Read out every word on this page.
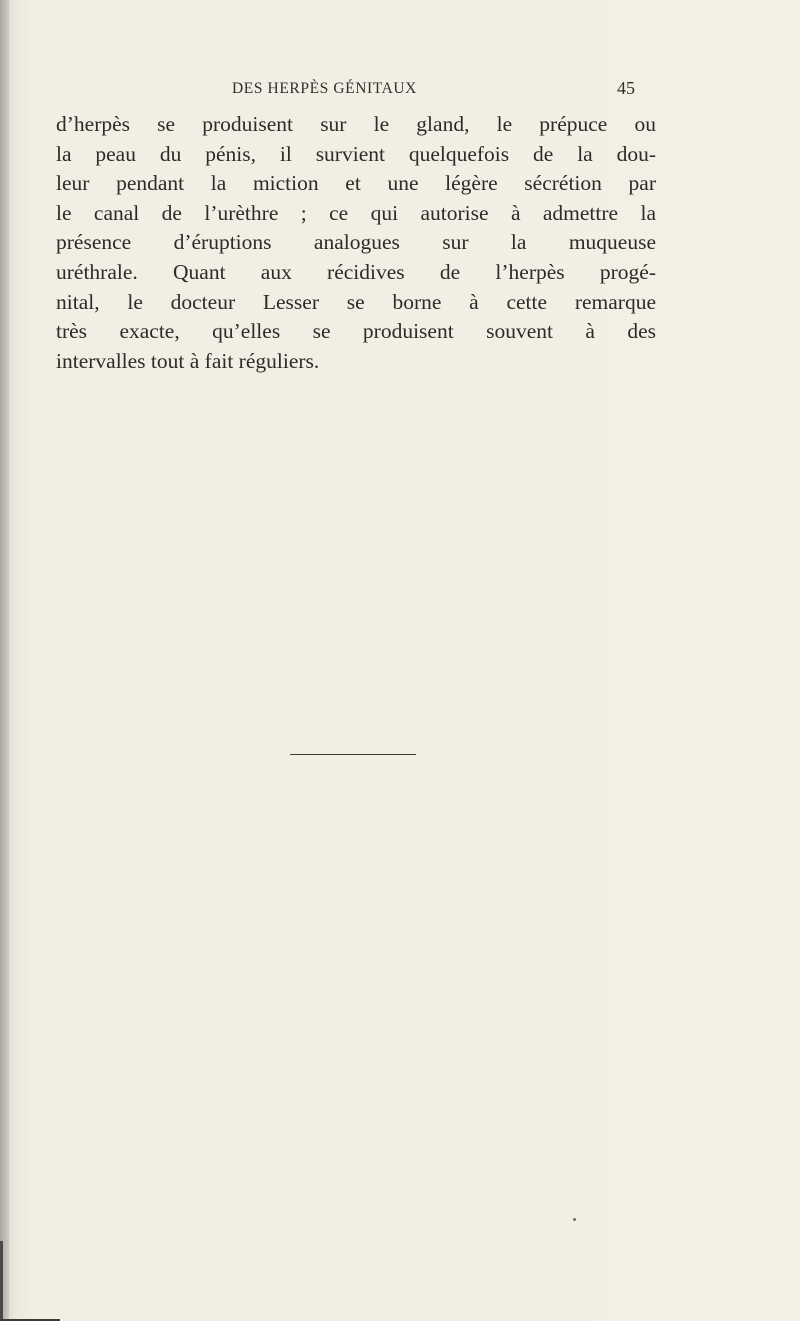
DES HERPÈS GÉNITAUX	45
d’herpès se produisent sur le gland, le prépuce ou
la peau du pénis, il survient quelquefois de la dou-
leur pendant la miction et une légère sécrétion par
le canal de l’urèthre ; ce qui autorise à admettre la
présence d’éruptions analogues sur la muqueuse
uréthrale. Quant aux récidives de l’herpès progé-
nital, le docteur Lesser se borne à cette remarque
très exacte, qu’elles se produisent souvent à des
intervalles tout à fait réguliers.
